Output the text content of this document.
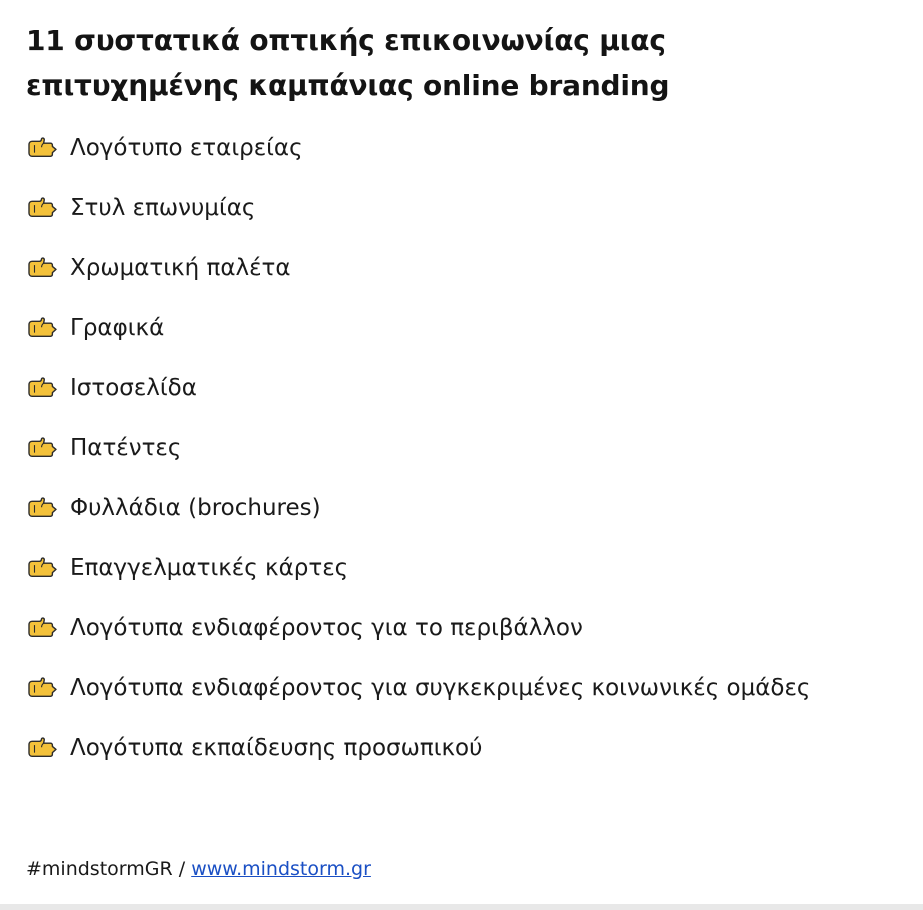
11 συστατικά οπτικής επικοινωνίας μιας
επιτυχημένης καμπάνιας online branding
Λογότυπο εταιρείας
Στυλ επωνυμίας
Χρωματική παλέτα
Γραφικά
Ιστοσελίδα
Πατέντες
Φυλλάδια (brochures)
Επαγγελματικές κάρτες
Λογότυπα ενδιαφέροντος για το περιβάλλον
Λογότυπα ενδιαφέροντος για συγκεκριμένες κοινωνικές ομάδες
Λογότυπα εκπαίδευσης προσωπικού
#mindstormGR / www.mindstorm.gr
